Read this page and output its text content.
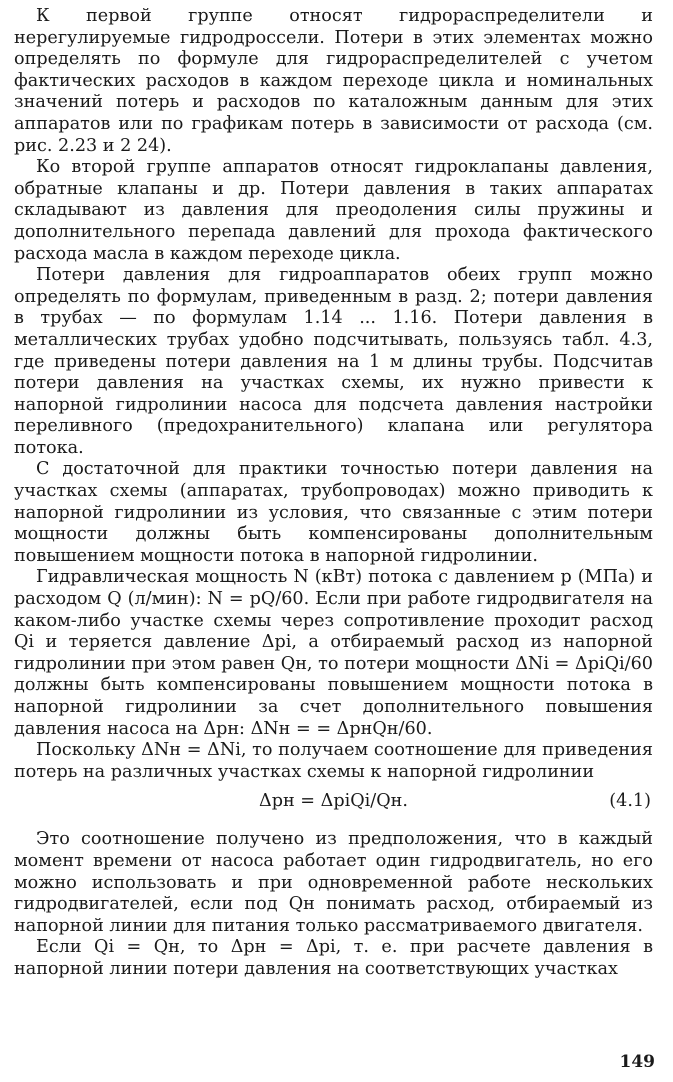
К первой группе относят гидрораспределители и нерегулируемые гидродроссели. Потери в этих элементах можно определять по формуле для гидрораспределителей с учетом фактических расходов в каждом переходе цикла и номинальных значений потерь и расходов по каталожным данным для этих аппаратов или по графикам потерь в зависимости от расхода (см. рис. 2.23 и 2 24).

Ко второй группе аппаратов относят гидроклапаны давления, обратные клапаны и др. Потери давления в таких аппаратах складывают из давления для преодоления силы пружины и дополнительного перепада давлений для прохода фактического расхода масла в каждом переходе цикла.

Потери давления для гидроаппаратов обеих групп можно определять по формулам, приведенным в разд. 2; потери давления в трубах — по формулам 1.14 ... 1.16. Потери давления в металлических трубах удобно подсчитывать, пользуясь табл. 4.3, где приведены потери давления на 1 м длины трубы. Подсчитав потери давления на участках схемы, их нужно привести к напорной гидролинии насоса для подсчета давления настройки переливного (предохранительного) клапана или регулятора потока.

С достаточной для практики точностью потери давления на участках схемы (аппаратах, трубопроводах) можно приводить к напорной гидролинии из условия, что связанные с этим потери мощности должны быть компенсированы дополнительным повышением мощности потока в напорной гидролинии.

Гидравлическая мощность N (кВт) потока с давлением p (МПа) и расходом Q (л/мин): N = pQ/60. Если при работе гидродвигателя на каком-либо участке схемы через сопротивление проходит расход Qi и теряется давление Δpi, а отбираемый расход из напорной гидролинии при этом равен Qн, то потери мощности ΔNi = ΔpiQi/60 должны быть компенсированы повышением мощности потока в напорной гидролинии за счет дополнительного повышения давления насоса на Δpн: ΔNн = = ΔpнQн/60.

Поскольку ΔNн = ΔNi, то получаем соотношение для приведения потерь на различных участках схемы к напорной гидролинии

Δpн = ΔpiQi/Qн.	(4.1)

Это соотношение получено из предположения, что в каждый момент времени от насоса работает один гидродвигатель, но его можно использовать и при одновременной работе нескольких гидродвигателей, если под Qн понимать расход, отбираемый из напорной линии для питания только рассматриваемого двигателя.

Если Qi = Qн, то Δpн = Δpi, т. е. при расчете давления в напорной линии потери давления на соответствующих участках

149
